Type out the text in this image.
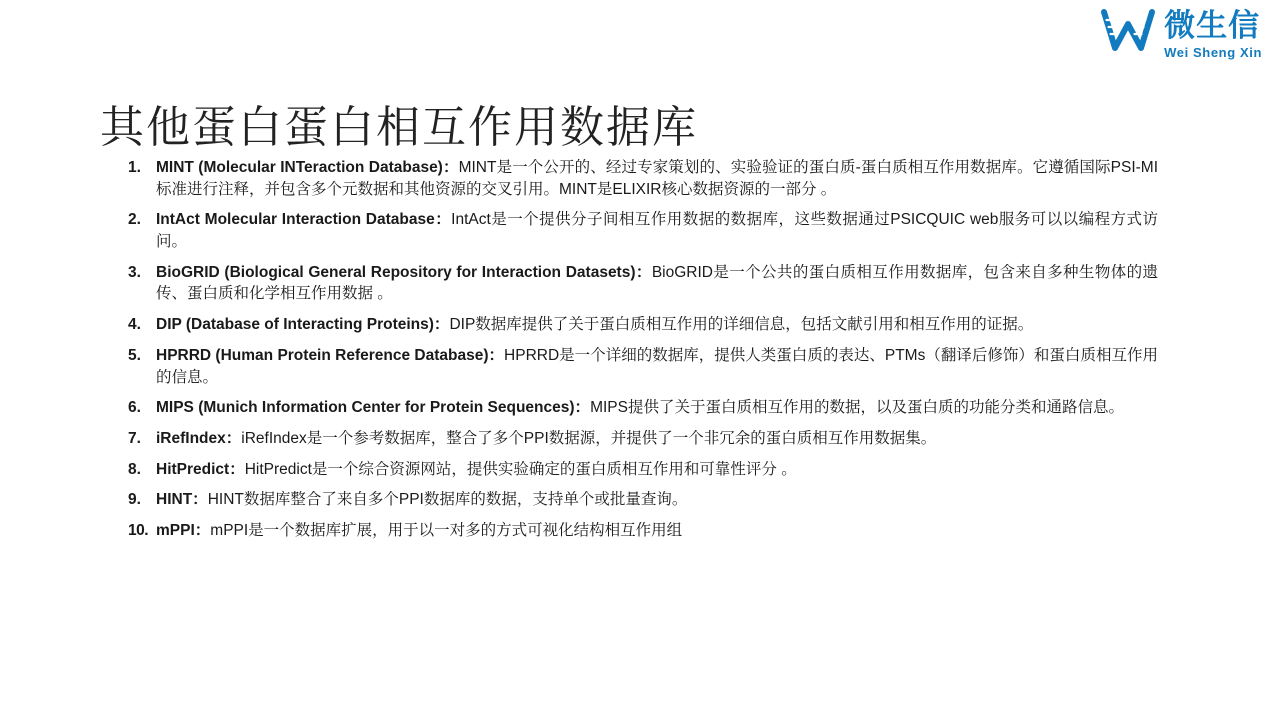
微生信
Wei Sheng Xin
其他蛋白蛋白相互作用数据库
MINT (Molecular INTeraction Database)：MINT是一个公开的、经过专家策划的、实验验证的蛋白质-蛋白质相互作用数据库。它遵循国际PSI-MI标准进行注释，并包含多个元数据和其他资源的交叉引用。MINT是ELIXIR核心数据资源的一部分 。
IntAct Molecular Interaction Database：IntAct是一个提供分子间相互作用数据的数据库，这些数据通过PSICQUIC web服务可以以编程方式访问。
BioGRID (Biological General Repository for Interaction Datasets)：BioGRID是一个公共的蛋白质相互作用数据库，包含来自多种生物体的遗传、蛋白质和化学相互作用数据 。
DIP (Database of Interacting Proteins)：DIP数据库提供了关于蛋白质相互作用的详细信息，包括文献引用和相互作用的证据。
HPRRD (Human Protein Reference Database)：HPRRD是一个详细的数据库，提供人类蛋白质的表达、PTMs（翻译后修饰）和蛋白质相互作用的信息。
MIPS (Munich Information Center for Protein Sequences)：MIPS提供了关于蛋白质相互作用的数据，以及蛋白质的功能分类和通路信息。
iRefIndex：iRefIndex是一个参考数据库，整合了多个PPI数据源，并提供了一个非冗余的蛋白质相互作用数据集。
HitPredict：HitPredict是一个综合资源网站，提供实验确定的蛋白质相互作用和可靠性评分 。
HINT：HINT数据库整合了来自多个PPI数据库的数据，支持单个或批量查询。
mPPI：mPPI是一个数据库扩展，用于以一对多的方式可视化结构相互作用组
